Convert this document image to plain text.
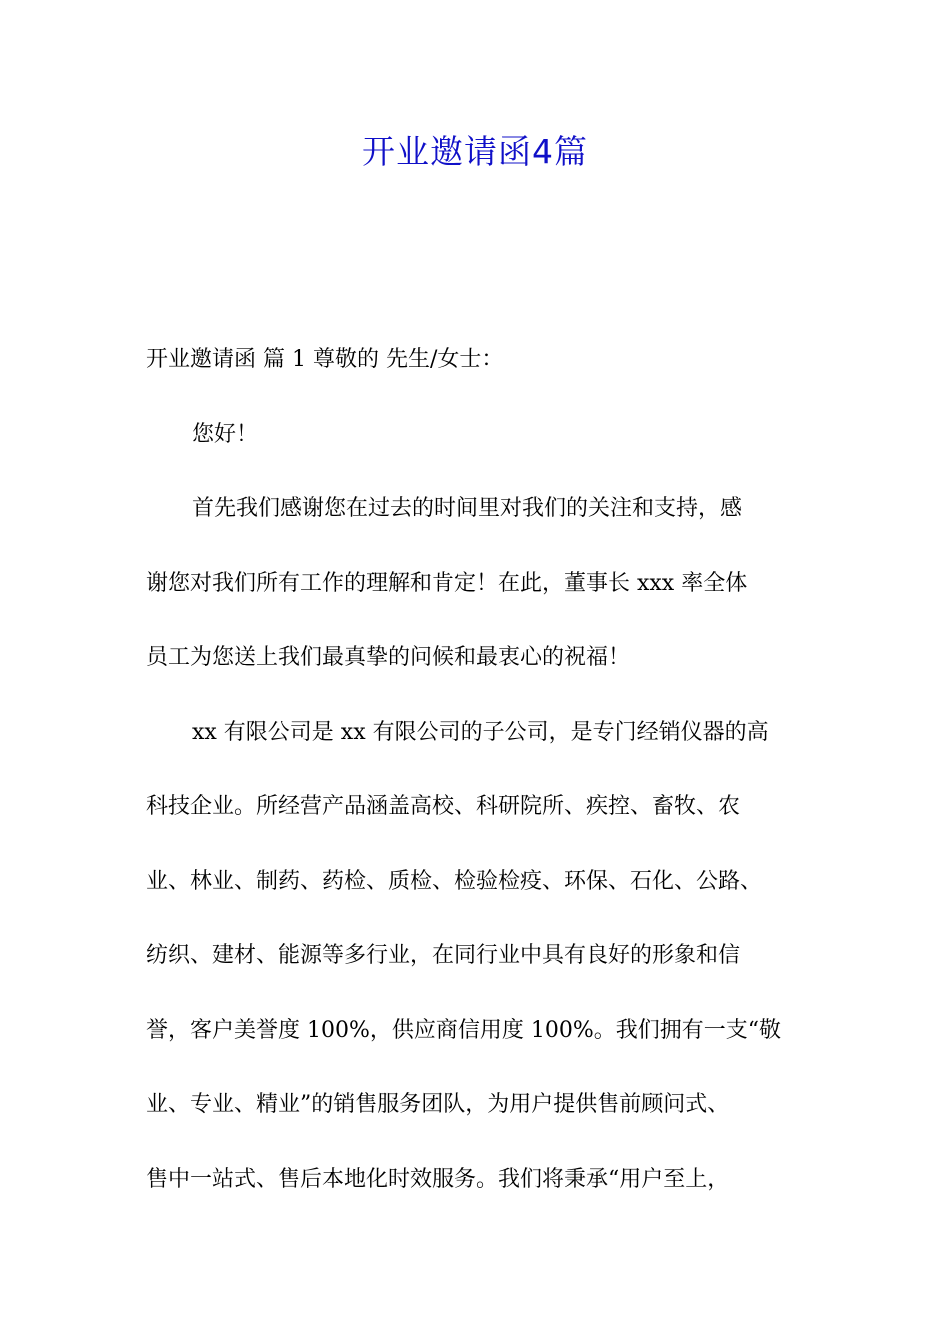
开业邀请函4篇
开业邀请函 篇 1 尊敬的 先生/女士：
您好！
首先我们感谢您在过去的时间里对我们的关注和支持，感
谢您对我们所有工作的理解和肯定！在此，董事长 xxx 率全体
员工为您送上我们最真挚的问候和最衷心的祝福！
xx 有限公司是 xx 有限公司的子公司，是专门经销仪器的高
科技企业。所经营产品涵盖高校、科研院所、疾控、畜牧、农
业、林业、制药、药检、质检、检验检疫、环保、石化、公路、
纺织、建材、能源等多行业，在同行业中具有良好的形象和信
誉，客户美誉度 100%，供应商信用度 100%。我们拥有一支“敬
业、专业、精业”的销售服务团队，为用户提供售前顾问式、
售中一站式、售后本地化时效服务。我们将秉承“用户至上，
